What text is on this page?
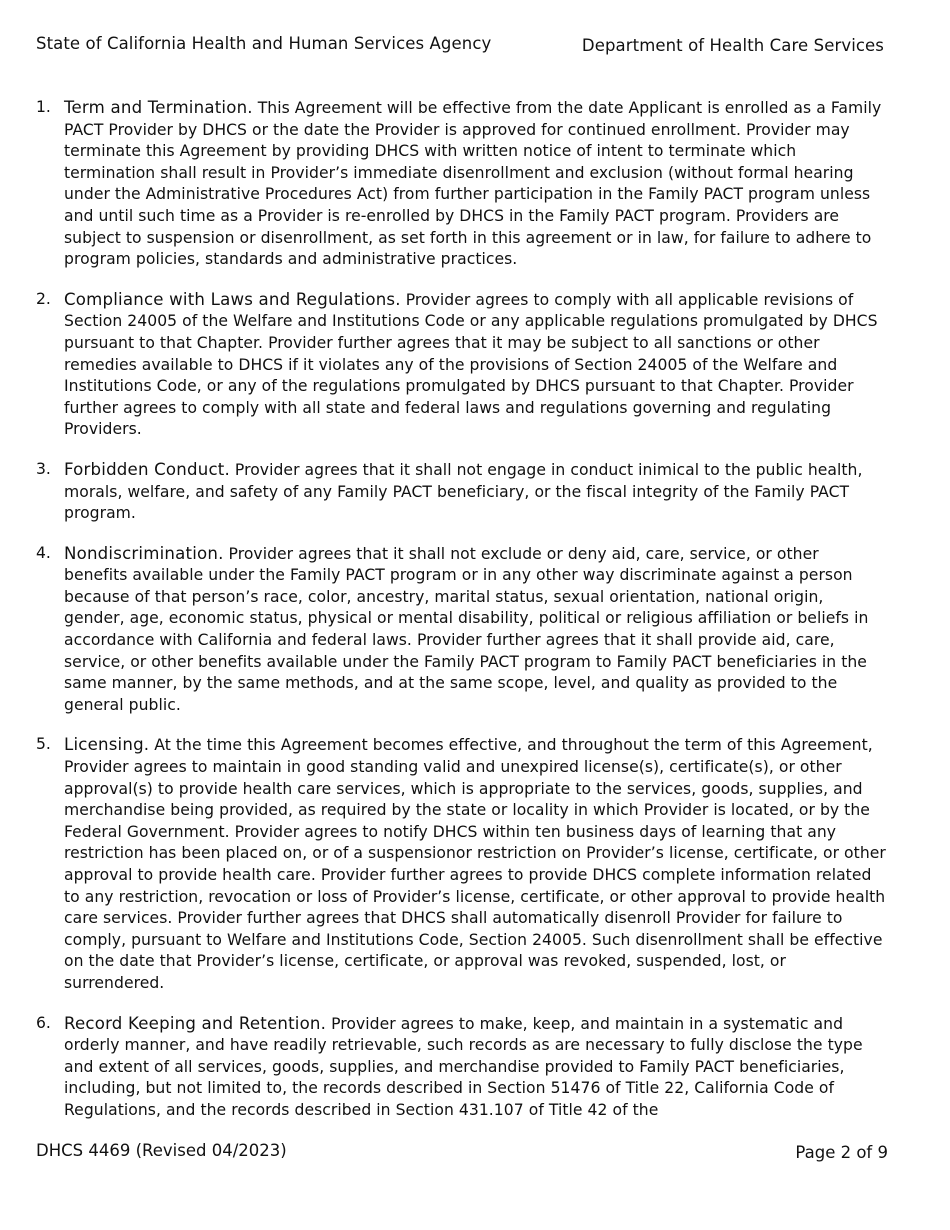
State of California Health and Human Services Agency	Department of Health Care Services
1. Term and Termination. This Agreement will be effective from the date Applicant is enrolled as a Family PACT Provider by DHCS or the date the Provider is approved for continued enrollment. Provider may terminate this Agreement by providing DHCS with written notice of intent to terminate which termination shall result in Provider’s immediate disenrollment and exclusion (without formal hearing under the Administrative Procedures Act) from further participation in the Family PACT program unless and until such time as a Provider is re-enrolled by DHCS in the Family PACT program. Providers are subject to suspension or disenrollment, as set forth in this agreement or in law, for failure to adhere to program policies, standards and administrative practices.
2. Compliance with Laws and Regulations. Provider agrees to comply with all applicable revisions of Section 24005 of the Welfare and Institutions Code or any applicable regulations promulgated by DHCS pursuant to that Chapter. Provider further agrees that it may be subject to all sanctions or other remedies available to DHCS if it violates any of the provisions of Section 24005 of the Welfare and Institutions Code, or any of the regulations promulgated by DHCS pursuant to that Chapter. Provider further agrees to comply with all state and federal laws and regulations governing and regulating Providers.
3. Forbidden Conduct. Provider agrees that it shall not engage in conduct inimical to the public health, morals, welfare, and safety of any Family PACT beneficiary, or the fiscal integrity of the Family PACT program.
4. Nondiscrimination. Provider agrees that it shall not exclude or deny aid, care, service, or other benefits available under the Family PACT program or in any other way discriminate against a person because of that person’s race, color, ancestry, marital status, sexual orientation, national origin, gender, age, economic status, physical or mental disability, political or religious affiliation or beliefs in accordance with California and federal laws. Provider further agrees that it shall provide aid, care, service, or other benefits available under the Family PACT program to Family PACT beneficiaries in the same manner, by the same methods, and at the same scope, level, and quality as provided to the general public.
5. Licensing. At the time this Agreement becomes effective, and throughout the term of this Agreement, Provider agrees to maintain in good standing valid and unexpired license(s), certificate(s), or other approval(s) to provide health care services, which is appropriate to the services, goods, supplies, and merchandise being provided, as required by the state or locality in which Provider is located, or by the Federal Government. Provider agrees to notify DHCS within ten business days of learning that any restriction has been placed on, or of a suspensionor restriction on Provider’s license, certificate, or other approval to provide health care. Provider further agrees to provide DHCS complete information related to any restriction, revocation or loss of Provider’s license, certificate, or other approval to provide health care services. Provider further agrees that DHCS shall automatically disenroll Provider for failure to comply, pursuant to Welfare and Institutions Code, Section 24005. Such disenrollment shall be effective on the date that Provider’s license, certificate, or approval was revoked, suspended, lost, or surrendered.
6. Record Keeping and Retention. Provider agrees to make, keep, and maintain in a systematic and orderly manner, and have readily retrievable, such records as are necessary to fully disclose the type and extent of all services, goods, supplies, and merchandise provided to Family PACT beneficiaries, including, but not limited to, the records described in Section 51476 of Title 22, California Code of Regulations, and the records described in Section 431.107 of Title 42 of the
DHCS 4469 (Revised 04/2023)	Page 2 of 9
